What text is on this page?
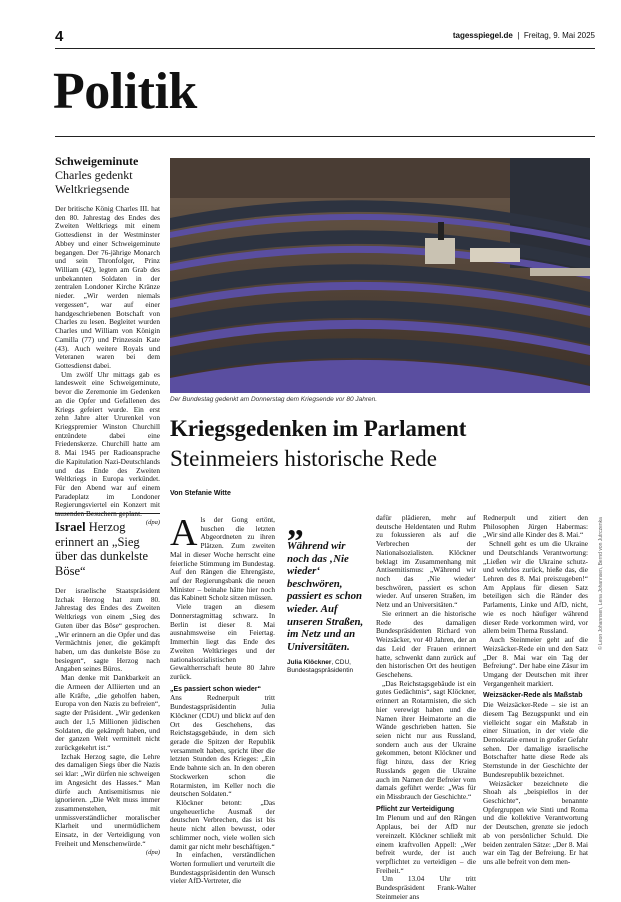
4	tagesspiegel.de  |  Freitag, 9. Mai 2025
Politik
Schweigeminute
Charles gedenkt Weltkriegsende

Der britische König Charles III. hat den 80. Jahrestag des Endes des Zweiten Weltkriegs mit einem Gottesdienst in der Westminster Abbey und einer Schweigeminute begangen. Der 76-jährige Monarch und sein Thronfolger, Prinz William (42), legten am Grab des unbekannten Soldaten in der zentralen Londoner Kirche Kränze nieder. „Wir werden niemals vergessen“, war auf einer handgeschriebenen Botschaft von Charles zu lesen. Begleitet wurden Charles und William von Königin Camilla (77) und Prinzessin Kate (43). Auch weitere Royals und Veteranen waren bei dem Gottesdienst dabei.

Um zwölf Uhr mittags gab es landesweit eine Schweigeminute, bevor die Zeremonie im Gedenken an die Opfer und Gefallenen des Kriegs gefeiert wurde. Ein erst zehn Jahre alter Ururenkel von Kriegspremier Winston Churchill entzündete dabei eine Friedenskerze. Churchill hatte am 8. Mai 1945 per Radioansprache die Kapitulation Nazi-Deutschlands und das Ende des Zweiten Weltkriegs in Europa verkündet. Für den Abend war auf einem Paradeplatz im Londoner Regierungsviertel ein Konzert mit
(dpa)

Israel Herzog erinnert an „Sieg über das dunkelste Böse“

Der israelische Staatspräsident Izchak Herzog hat zum 80. Jahrestag des Endes des Zweiten Weltkriegs von einem „Sieg des Guten über das Böse“ gesprochen. „Wir erinnern an die Opfer und das Vermächtnis jener, die gekämpft haben, um das dunkelste Böse zu besiegen“, sagte Herzog nach Angaben seines Büros.

Man denke mit Dankbarkeit an die Armeen der Alliierten und an alle Kräfte, „die geholfen haben, Europa von den Nazis zu befreien“, sagte der Präsident. „Wir gedenken auch der 1,5 Millionen jüdischen Soldaten, die gekämpft haben, und der ganzen Welt vermittelt nicht zurückgekehrt ist.“

Izchak Herzog sagte, die Lehre des damaligen Siegs über die Nazis sei klar: „Wir dürfen nie schweigen im Angesicht des Hasses.“ Man dürfe auch Antisemitismus nie ignorieren. „Die Welt muss immer zusammenstehen, mit unmissverständlicher moralischer Klarheit und unermüdlichem Einsatz, in der Verteidigung von Freiheit und Menschenwürde.“
(dpa)

Der Bundestag gedenkt am Donnerstag dem Kriegsende vor 80 Jahren.
© Leon Johannsen, Lena Johannsen, Bernd von Jutrczenka
Kriegsgedenken im Parlament
Steinmeiers historische Rede
Von Stefanie Witte

Als der Gong ertönt, huschen die letzten Abgeordneten zu ihren Plätzen. Zum zweiten Mal in dieser Woche herrscht eine feierliche Stimmung im Bundestag. Auf den Rängen die Ehrengäste, auf der Regierungsbank die neuen Minister – beinahe hätte hier noch das Kabinett Scholz sitzen müssen.

Viele tragen an diesem Donnerstagmittag schwarz. In Berlin ist dieser 8. Mai ausnahmsweise ein Feiertag. Immerhin liegt das Ende des Zweiten Weltkrieges und der nationalsozialistischen Gewaltherrschaft heute 80 Jahre zurück.

„Es passiert schon wieder“

Ans Rednerpult tritt Bundestagspräsidentin Julia Klöckner (CDU) und blickt auf den Ort des Geschehens, das Reichstagsgebäude, in dem sich gerade die Spitzen der Republik versammelt haben, spricht über die letzten Stunden des Krieges: „Ein Ende bahnte sich an. In den oberen Stockwerken schon die Rotarmisten, im Keller noch die deutschen Soldaten.“

Klöckner betont: „Das ungeheuerliche Ausmaß der deutschen Verbrechen, das ist bis heute nicht allen bewusst, oder schlimmer noch, viele wollen sich damit gar nicht mehr beschäftigen.“

In einfachen, verständlichen Worten formuliert und verurteilt die Bundestagspräsidentin den Wunsch vieler AfD-Vertreter, die

„
Während wir noch das ‚Nie wieder‘ beschwören, passiert es schon wieder. Auf unseren Straßen, im Netz und an Universitäten.
Julia Klöckner, CDU, Bundestagspräsidentin

dafür plädieren, mehr auf deutsche Heldentaten und Ruhm zu fokussieren als auf die Verbrechen der Nationalsozialisten. Klöckner beklagt im Zusammenhang mit Antisemitismus: „Während wir noch das ‚Nie wieder‘ beschwören, passiert es schon wieder. Auf unseren Straßen, im Netz und an Universitäten.“

Sie erinnert an die historische Rede des damaligen Bundespräsidenten Richard von Weizsäcker, vor 40 Jahren, der an das Leid der Frauen erinnert hatte, schwenkt dann zurück auf den historischen Ort des heutigen Geschehens.

„Das Reichstagsgebäude ist ein gutes Gedächtnis“, sagt Klöckner, erinnert an Rotarmisten, die sich hier verewigt haben und die Namen ihrer Heimatorte an die Wände geschrieben hatten. Sie seien nicht nur aus Russland, sondern auch aus der Ukraine gekommen, betont Klöckner und fügt hinzu, dass der Krieg Russlands gegen die Ukraine auch im Namen der Befreier vom damals geführt werde: „Was für ein Missbrauch der Geschichte.“

Pflicht zur Verteidigung

Im Plenum und auf den Rängen Applaus, bei der AfD nur vereinzelt. Klöckner schließt mit einem kraftvollen Appell: „Wer befreit wurde, der ist auch verpflichtet zu verteidigen – die Freiheit.“

Um 13.04 Uhr tritt Bundespräsident Frank-Walter Steinmeier ans

Rednerpult und zitiert den Philosophen Jürgen Habermas: „Wir sind alle Kinder des 8. Mai.“

Schnell geht es um die Ukraine und Deutschlands Verantwortung: „Ließen wir die Ukraine schutz- und wehrlos zurück, hieße das, die Lehren des 8. Mai preiszugeben!“ Am Applaus für diesen Satz beteiligen sich die Ränder des Parlaments, Linke und AfD, nicht, wie es noch häufiger während dieser Rede vorkommen wird, vor allem beim Thema Russland.

Auch Steinmeier geht auf die Weizsäcker-Rede ein und den Satz „Der 8. Mai war ein Tag der Befreiung“. Der habe eine Zäsur im Umgang der Deutschen mit ihrer Vergangenheit markiert.

Weizsäcker-Rede als Maßstab

Die Weizsäcker-Rede – sie ist an diesem Tag Bezugspunkt und ein vielleicht sogar ein Maßstab in einer Situation, in der viele die Demokratie erneut in großer Gefahr sehen. Der damalige israelische Botschafter hatte diese Rede als Sternstunde in der Geschichte der Bundesrepublik bezeichnet.

Weizsäcker bezeichnete die Shoah als „beispiellos in der Geschichte“, benannte Opfergruppen wie Sinti und Roma und die kollektive Verantwortung der Deutschen, grenzte sie jedoch ab von persönlicher Schuld. Die beiden zentralen Sätze: „Der 8. Mai war ein Tag der Befreiung. Er hat uns alle befreit von dem men-
